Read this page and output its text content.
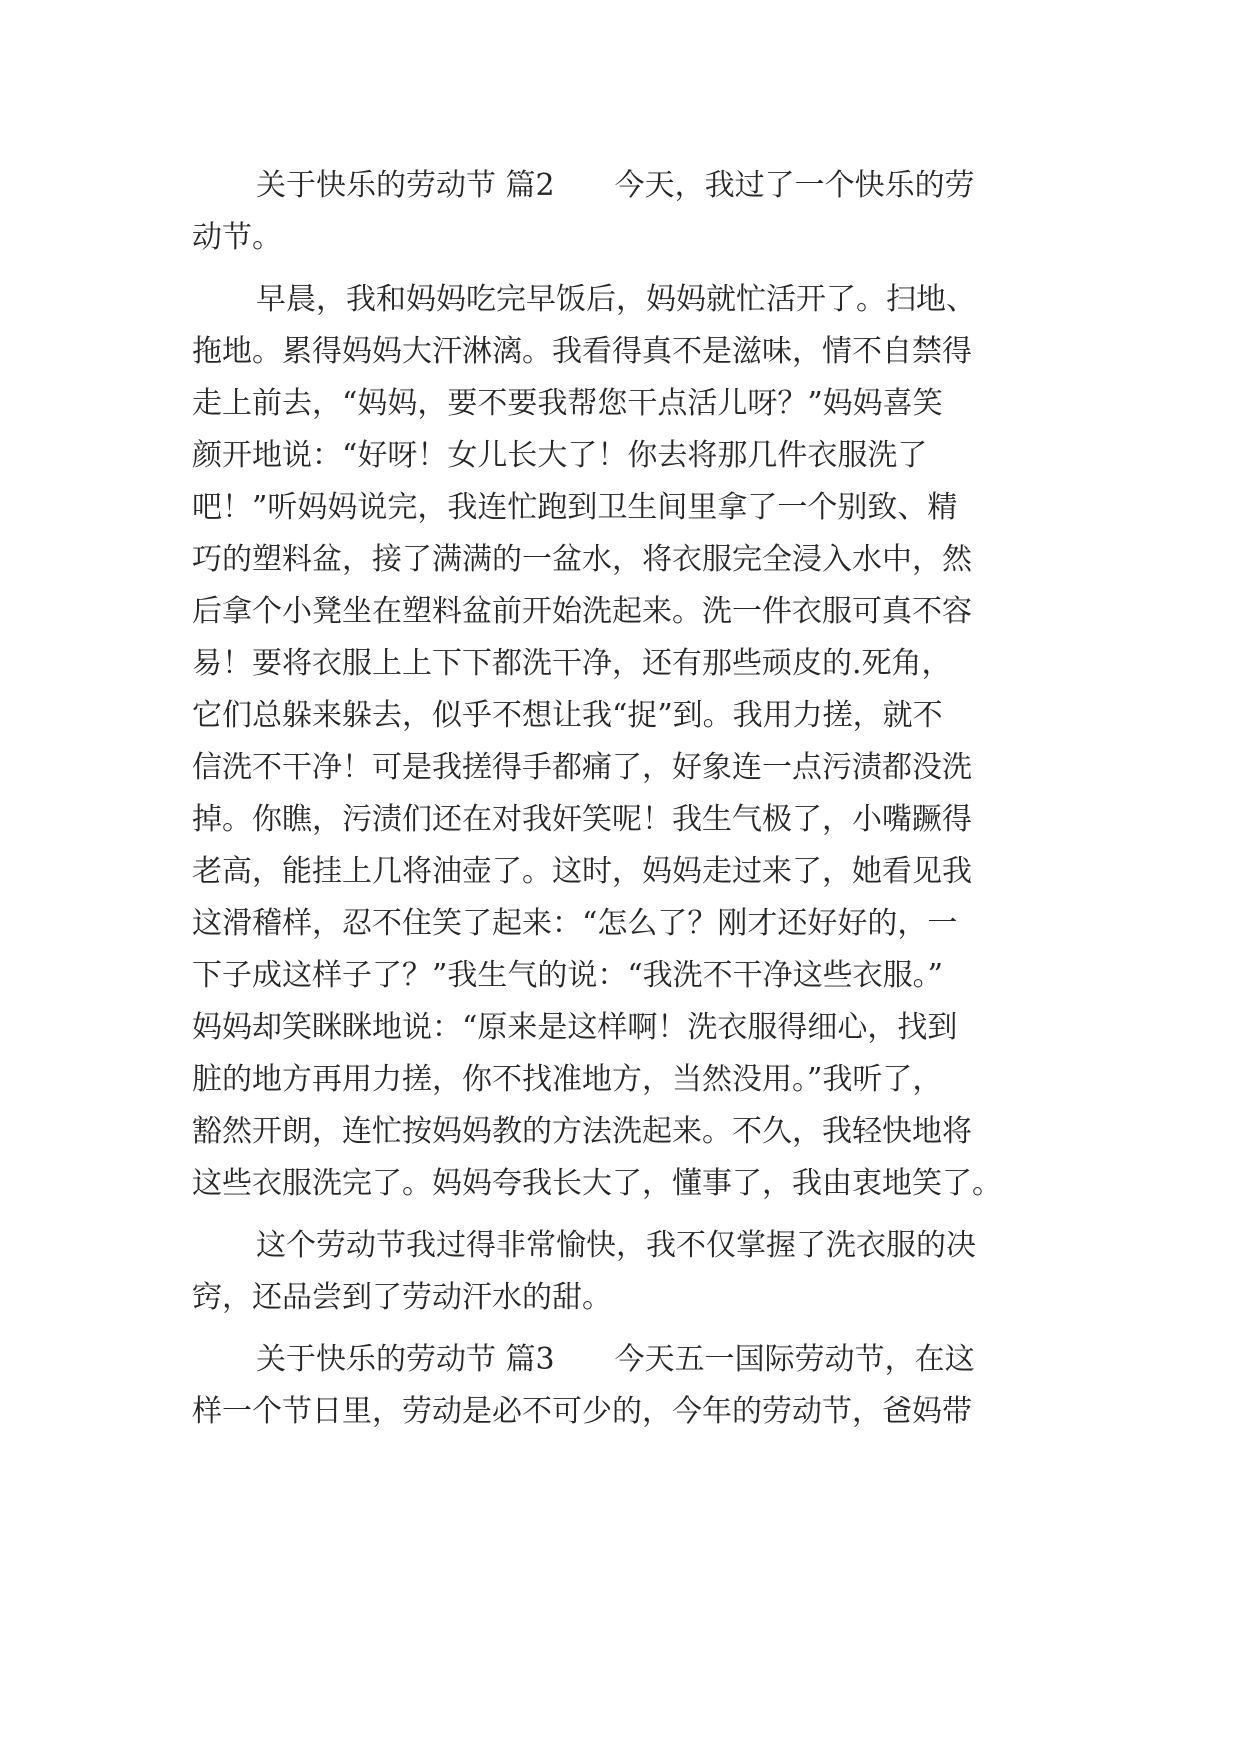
关于快乐的劳动节 篇2　　今天，我过了一个快乐的劳
动节。
早晨，我和妈妈吃完早饭后，妈妈就忙活开了。扫地、
拖地。累得妈妈大汗淋漓。我看得真不是滋味，情不自禁得
走上前去，“妈妈，要不要我帮您干点活儿呀？”妈妈喜笑
颜开地说：“好呀！女儿长大了！你去将那几件衣服洗了
吧！”听妈妈说完，我连忙跑到卫生间里拿了一个别致、精
巧的塑料盆，接了满满的一盆水，将衣服完全浸入水中，然
后拿个小凳坐在塑料盆前开始洗起来。洗一件衣服可真不容
易！要将衣服上上下下都洗干净，还有那些顽皮的.死角，
它们总躲来躲去，似乎不想让我“捉”到。我用力搓，就不
信洗不干净！可是我搓得手都痛了，好象连一点污渍都没洗
掉。你瞧，污渍们还在对我奸笑呢！我生气极了，小嘴蹶得
老高，能挂上几将油壶了。这时，妈妈走过来了，她看见我
这滑稽样，忍不住笑了起来：“怎么了？刚才还好好的，一
下子成这样子了？”我生气的说：“我洗不干净这些衣服。”
妈妈却笑眯眯地说：“原来是这样啊！洗衣服得细心，找到
脏的地方再用力搓，你不找准地方，当然没用。”我听了，
豁然开朗，连忙按妈妈教的方法洗起来。不久，我轻快地将
这些衣服洗完了。妈妈夸我长大了，懂事了，我由衷地笑了。
这个劳动节我过得非常愉快，我不仅掌握了洗衣服的决
窍，还品尝到了劳动汗水的甜。
关于快乐的劳动节 篇3　　今天五一国际劳动节，在这
样一个节日里，劳动是必不可少的，今年的劳动节，爸妈带
